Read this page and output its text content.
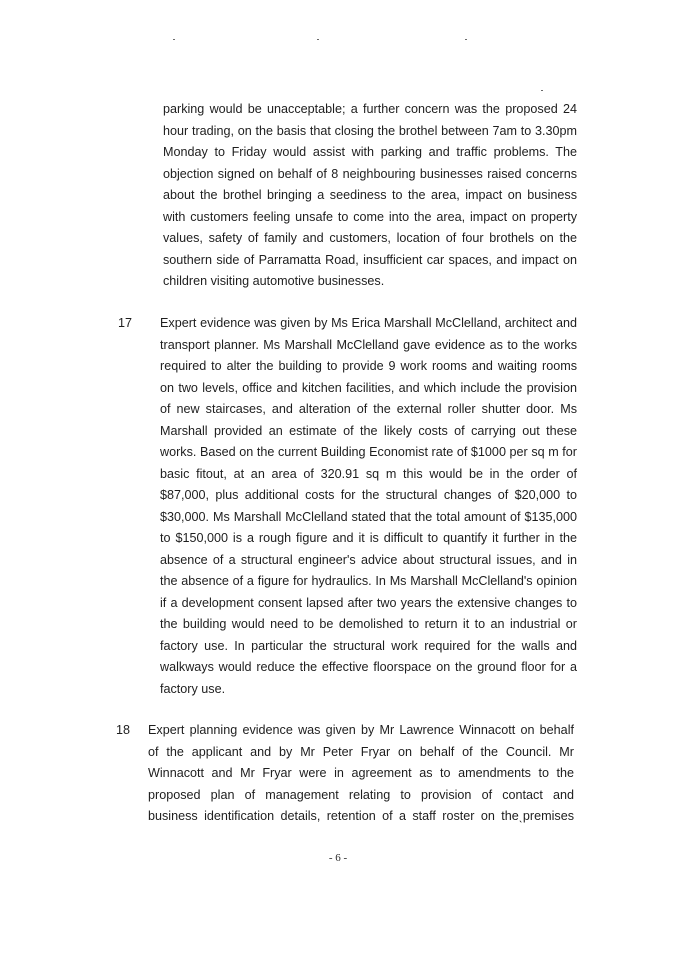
parking would be unacceptable; a further concern was the proposed 24
hour trading, on the basis that closing the brothel between 7am to 3.30pm
Monday to Friday would assist with parking and traffic problems. The
objection signed on behalf of 8 neighbouring businesses raised concerns
about the brothel bringing a seediness to the area, impact on business
with customers feeling unsafe to come into the area, impact on property
values, safety of family and customers, location of four brothels on the
southern side of Parramatta Road, insufficient car spaces, and impact on
children visiting automotive businesses.
17 Expert evidence was given by Ms Erica Marshall McClelland, architect and
transport planner. Ms Marshall McClelland gave evidence as to the works
required to alter the building to provide 9 work rooms and waiting rooms
on two levels, office and kitchen facilities, and which include the provision
of new staircases, and alteration of the external roller shutter door. Ms
Marshall provided an estimate of the likely costs of carrying out these
works. Based on the current Building Economist rate of $1000 per sq m for
basic fitout, at an area of 320.91 sq m this would be in the order of
$87,000, plus additional costs for the structural changes of $20,000 to
$30,000. Ms Marshall McClelland stated that the total amount of $135,000
to $150,000 is a rough figure and it is difficult to quantify it further in the
absence of a structural engineer's advice about structural issues, and in
the absence of a figure for hydraulics. In Ms Marshall McClelland's opinion
if a development consent lapsed after two years the extensive changes to
the building would need to be demolished to return it to an industrial or
factory use. In particular the structural work required for the walls and
walkways would reduce the effective floorspace on the ground floor for a
factory use.
18 Expert planning evidence was given by Mr Lawrence Winnacott on behalf
of the applicant and by Mr Peter Fryar on behalf of the Council. Mr
Winnacott and Mr Fryar were in agreement as to amendments to the
proposed plan of management relating to provision of contact and
business identification details, retention of a staff roster on theˎpremises
- 6 -
